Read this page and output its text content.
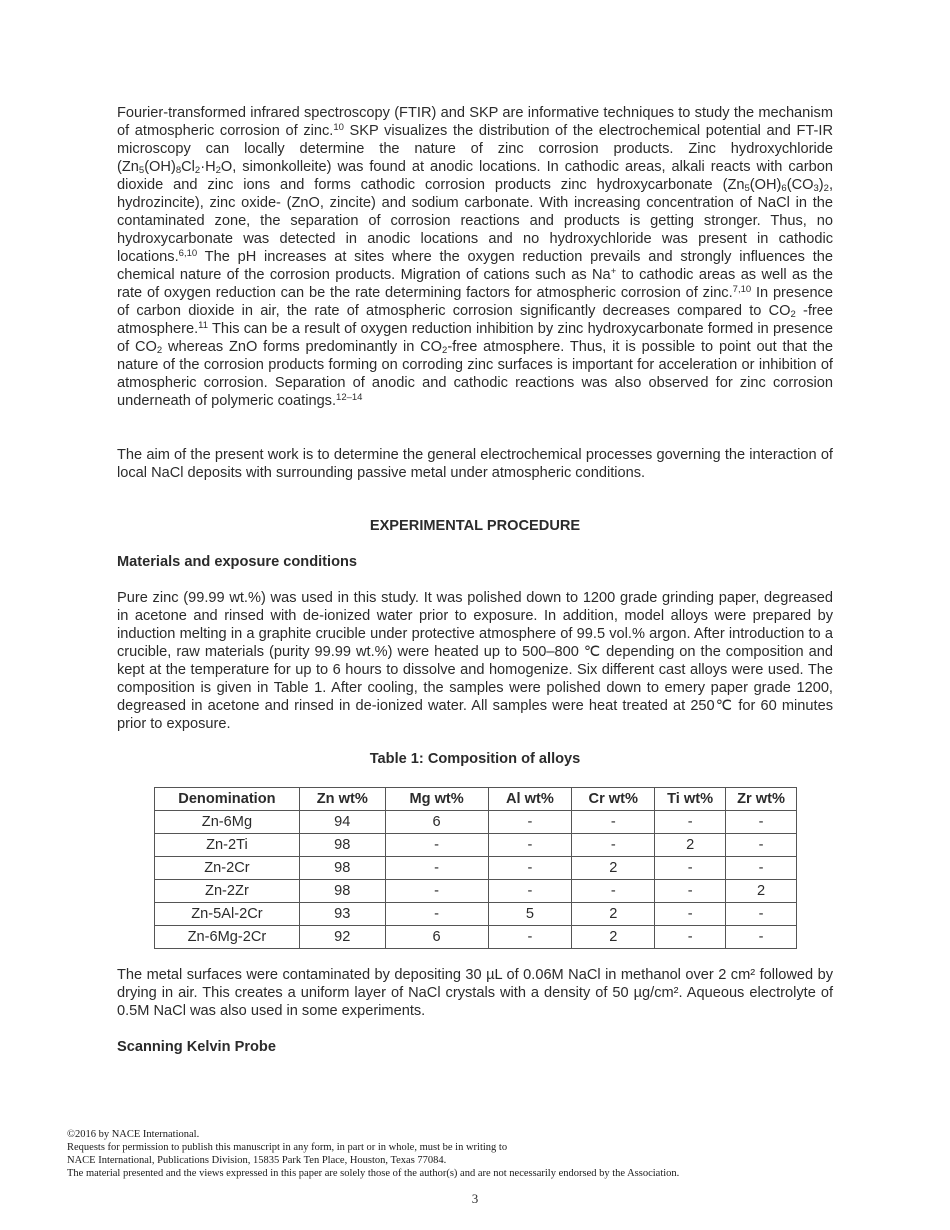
Fourier-transformed infrared spectroscopy (FTIR) and SKP are informative techniques to study the mechanism of atmospheric corrosion of zinc.$^{10}$ SKP visualizes the distribution of the electrochemical potential and FT-IR microscopy can locally determine the nature of zinc corrosion products. Zinc hydroxychloride ($Zn_5(OH)_8Cl_2\cdot H_2O$, simonkolleite) was found at anodic locations. In cathodic areas, alkali reacts with carbon dioxide and zinc ions and forms cathodic corrosion products zinc hydroxycarbonate ($Zn_5(OH)_6(CO_3)_2$, hydrozincite), zinc oxide- (ZnO, zincite) and sodium carbonate. With increasing concentration of NaCl in the contaminated zone, the separation of corrosion reactions and products is getting stronger. Thus, no hydroxycarbonate was detected in anodic locations and no hydroxychloride was present in cathodic locations.$^{6,10}$ The pH increases at sites where the oxygen reduction prevails and strongly influences the chemical nature of the corrosion products. Migration of cations such as Na+ to cathodic areas as well as the rate of oxygen reduction can be the rate determining factors for atmospheric corrosion of zinc.$^{7,10}$ In presence of carbon dioxide in air, the rate of atmospheric corrosion significantly decreases compared to $CO_2$ -free atmosphere.$^{11}$ This can be a result of oxygen reduction inhibition by zinc hydroxycarbonate formed in presence of $CO_2$ whereas ZnO forms predominantly in $CO_2$-free atmosphere. Thus, it is possible to point out that the nature of the corrosion products forming on corroding zinc surfaces is important for acceleration or inhibition of atmospheric corrosion. Separation of anodic and cathodic reactions was also observed for zinc corrosion underneath of polymeric coatings.$^{12-14}$

The aim of the present work is to determine the general electrochemical processes governing the interaction of local NaCl deposits with surrounding passive metal under atmospheric conditions.

EXPERIMENTAL PROCEDURE
Materials and exposure conditions

Pure zinc (99.99 wt.%) was used in this study. It was polished down to 1200 grade grinding paper, degreased in acetone and rinsed with de-ionized water prior to exposure. In addition, model alloys were prepared by induction melting in a graphite crucible under protective atmosphere of 99.5 vol.% argon. After introduction to a crucible, raw materials (purity 99.99 wt.%) were heated up to 500–800 ℃ depending on the composition and kept at the temperature for up to 6 hours to dissolve and homogenize. Six different cast alloys were used. The composition is given in Table 1. After cooling, the samples were polished down to emery paper grade 1200, degreased in acetone and rinsed in de-ionized water. All samples were heat treated at 250℃ for 60 minutes prior to exposure.

Table 1: Composition of alloys

The metal surfaces were contaminated by depositing 30 µL of 0.06M NaCl in methanol over 2 cm² followed by drying in air. This creates a uniform layer of NaCl crystals with a density of 50 µg/cm². Aqueous electrolyte of 0.5M NaCl was also used in some experiments.

Scanning Kelvin Probe
Denomination	Zn wt%	Mg wt%	Al wt%	Cr wt%	Ti wt%	Zr wt%
Zn-6Mg	94	6	-	-	-	-
Zn-2Ti	98	-	-	-	2	-
Zn-2Cr	98	-	-	2	-	-
Zn-2Zr	98	-	-	-	-	2
Zn-5Al-2Cr	93	-	5	2	-	-
Zn-6Mg-2Cr	92	6	-	2	-	-
©2016 by NACE International.
Requests for permission to publish this manuscript in any form, in part or in whole, must be in writing to
NACE International, Publications Division, 15835 Park Ten Place, Houston, Texas 77084.
The material presented and the views expressed in this paper are solely those of the author(s) and are not necessarily endorsed by the Association.
3
